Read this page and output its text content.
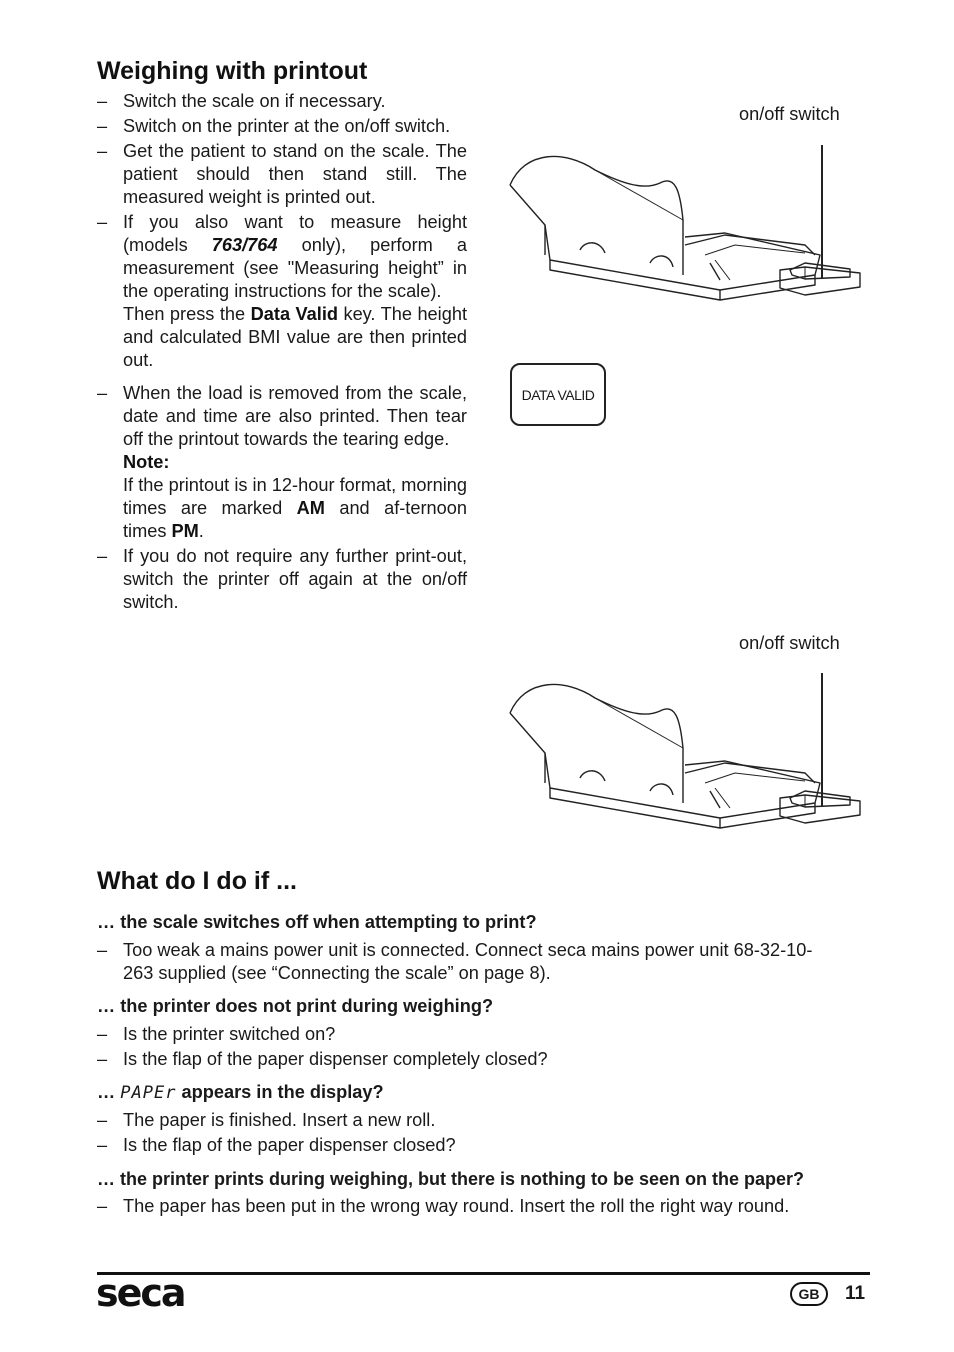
Weighing with printout
– Switch the scale on if necessary.

– Switch on the printer at the on/off switch.

– Get the patient to stand on the scale. The patient should then stand still. The measured weight is printed out.

– If you also want to measure height (models 763/764 only), perform a measurement (see "Measuring height” in the operating instructions for the scale).

Then press the Data Valid key. The height and calculated BMI value are then printed out.

– When the load is removed from the scale, date and time are also printed. Then tear off the printout towards the tearing edge.

Note:

If the printout is in 12-hour format, morning times are marked AM and af-ternoon times PM.

– If you do not require any further print-out, switch the printer off again at the on/off switch.

on/off switch
DATA VALID
on/off switch
What do I do if ...
… the scale switches off when attempting to print?
– Too weak a mains power unit is connected. Connect seca mains power unit 68-32-10-263 supplied (see “Connecting the scale” on page 8).

… the printer does not print during weighing?
– Is the printer switched on?

– Is the flap of the paper dispenser completely closed?

… PAPEr appears in the display?
– The paper is finished. Insert a new roll.

– Is the flap of the paper dispenser closed?

… the printer prints during weighing, but there is nothing to be seen on the paper?
– The paper has been put in the wrong way round. Insert the roll the right way round.

seca	GB	11
